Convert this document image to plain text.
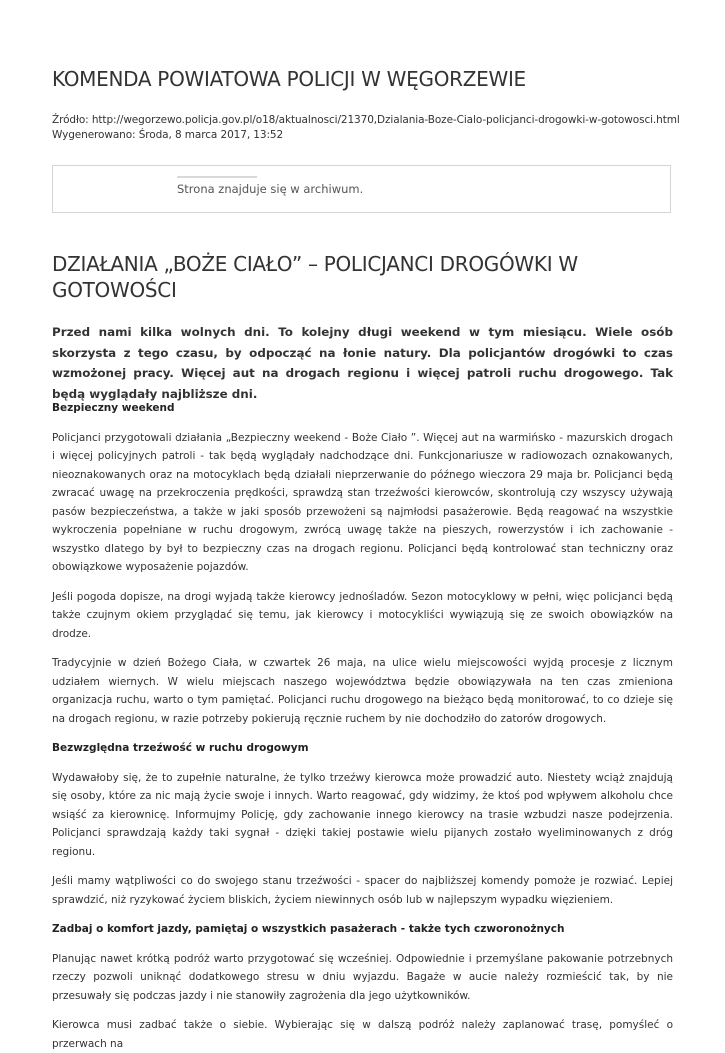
KOMENDA POWIATOWA POLICJI W WĘGORZEWIE
Źródło: http://wegorzewo.policja.gov.pl/o18/aktualnosci/21370,Dzialania-Boze-Cialo-policjanci-drogowki-w-gotowosci.html
Wygenerowano: Środa, 8 marca 2017, 13:52
Strona znajduje się w archiwum.
DZIAŁANIA „BOŻE CIAŁO” – POLICJANCI DROGÓWKI W GOTOWOŚCI

Przed nami kilka wolnych dni. To kolejny długi weekend w tym miesiącu. Wiele osób skorzysta z tego czasu, by odpocząć na łonie natury. Dla policjantów drogówki to czas wzmożonej pracy. Więcej aut na drogach regionu i więcej patroli ruchu drogowego. Tak będą wyglądały najbliższe dni.

Bezpieczny weekend

Policjanci przygotowali działania „Bezpieczny weekend - Boże Ciało ”. Więcej aut na warmińsko - mazurskich drogach i więcej policyjnych patroli - tak będą wyglądały nadchodzące dni. Funkcjonariusze w radiowozach oznakowanych, nieoznakowanych oraz na motocyklach będą działali nieprzerwanie do późnego wieczora 29 maja br. Policjanci będą zwracać uwagę na przekroczenia prędkości, sprawdzą stan trzeźwości kierowców, skontrolują czy wszyscy używają pasów bezpieczeństwa, a także w jaki sposób przewożeni są najmłodsi pasażerowie. Będą reagować na wszystkie wykroczenia popełniane w ruchu drogowym, zwrócą uwagę także na pieszych, rowerzystów i ich zachowanie - wszystko dlatego by był to bezpieczny czas na drogach regionu. Policjanci będą kontrolować stan techniczny oraz obowiązkowe wyposażenie pojazdów.

Jeśli pogoda dopisze, na drogi wyjadą także kierowcy jednośladów. Sezon motocyklowy w pełni, więc policjanci będą także czujnym okiem przyglądać się temu, jak kierowcy i motocykliści wywiązują się ze swoich obowiązków na drodze.

Tradycyjnie w dzień Bożego Ciała, w czwartek 26 maja, na ulice wielu miejscowości wyjdą procesje z licznym udziałem wiernych. W wielu miejscach naszego województwa będzie obowiązywała na ten czas zmieniona organizacja ruchu, warto o tym pamiętać. Policjanci ruchu drogowego na bieżąco będą monitorować, to co dzieje się na drogach regionu, w razie potrzeby pokierują ręcznie ruchem by nie dochodziło do zatorów drogowych.

Bezwzględna trzeźwość w ruchu drogowym

Wydawałoby się, że to zupełnie naturalne, że tylko trzeźwy kierowca może prowadzić auto. Niestety wciąż znajdują się osoby, które za nic mają życie swoje i innych. Warto reagować, gdy widzimy, że ktoś pod wpływem alkoholu chce wsiąść za kierownicę. Informujmy Policję, gdy zachowanie innego kierowcy na trasie wzbudzi nasze podejrzenia. Policjanci sprawdzają każdy taki sygnał - dzięki takiej postawie wielu pijanych zostało wyeliminowanych z dróg regionu.

Jeśli mamy wątpliwości co do swojego stanu trzeźwości - spacer do najbliższej komendy pomoże je rozwiać. Lepiej sprawdzić, niż ryzykować życiem bliskich, życiem niewinnych osób lub w najlepszym wypadku więzieniem.

Zadbaj o komfort jazdy, pamiętaj o wszystkich pasażerach - także tych czworonożnych

Planując nawet krótką podróż warto przygotować się wcześniej. Odpowiednie i przemyślane pakowanie potrzebnych rzeczy pozwoli uniknąć dodatkowego stresu w dniu wyjazdu. Bagaże w aucie należy rozmieścić tak, by nie przesuwały się podczas jazdy i nie stanowiły zagrożenia dla jego użytkowników.

Kierowca musi zadbać także o siebie. Wybierając się w dalszą podróż należy zaplanować trasę, pomyśleć o przerwach na
